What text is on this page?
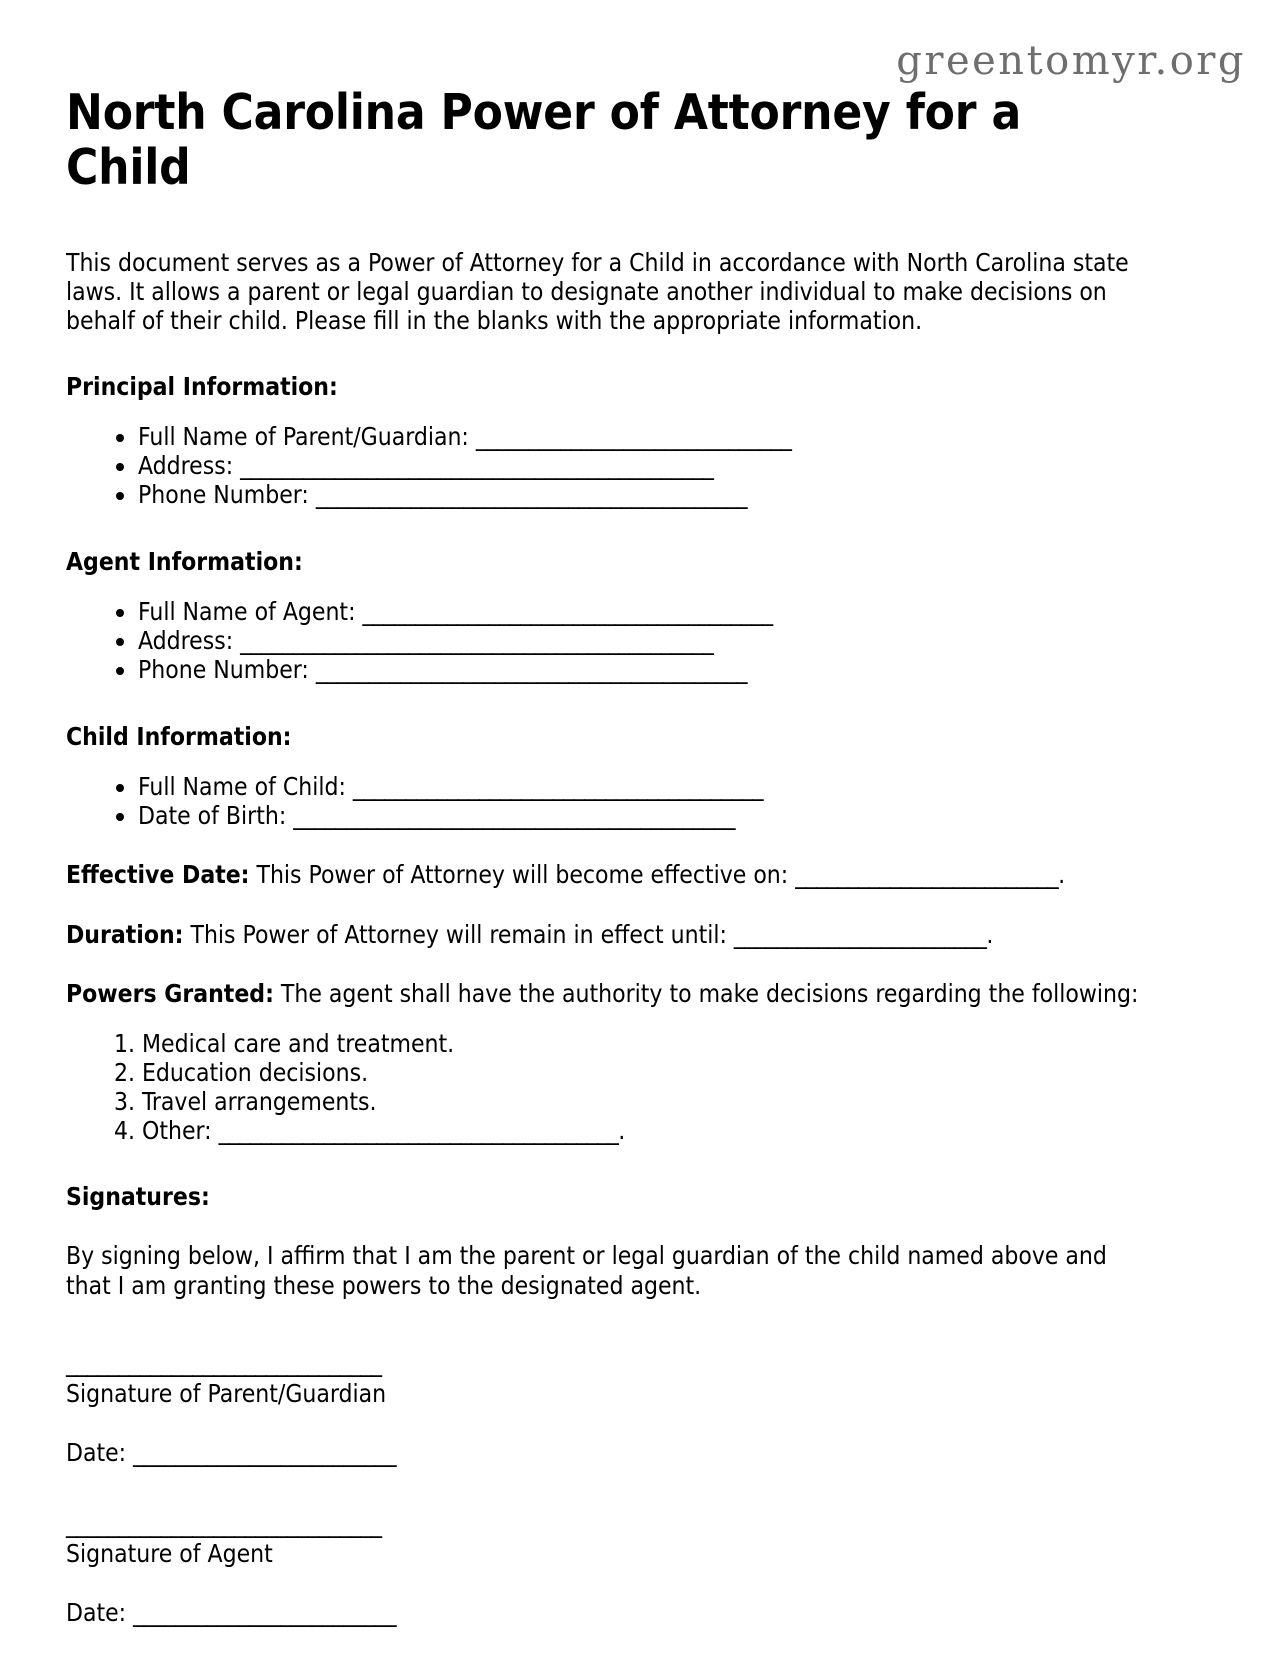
greentomyr.org
North Carolina Power of Attorney for a Child

This document serves as a Power of Attorney for a Child in accordance with North Carolina state laws. It allows a parent or legal guardian to designate another individual to make decisions on behalf of their child. Please fill in the blanks with the appropriate information.

Principal Information:
• Full Name of Parent/Guardian: ______________________________
• Address: _____________________________________________
• Phone Number: _________________________________________
Agent Information:
• Full Name of Agent: _______________________________________
• Address: _____________________________________________
• Phone Number: _________________________________________
Child Information:
• Full Name of Child: _______________________________________
• Date of Birth: __________________________________________

Effective Date: This Power of Attorney will become effective on: _________________________.

Duration: This Power of Attorney will remain in effect until: ________________________.

Powers Granted: The agent shall have the authority to make decisions regarding the following:

1. Medical care and treatment.
2. Education decisions.
3. Travel arrangements.
4. Other: ______________________________________.
Signatures:

By signing below, I affirm that I am the parent or legal guardian of the child named above and that I am granting these powers to the designated agent.

______________________________
Signature of Parent/Guardian
Date: _________________________
______________________________
Signature of Agent
Date: _________________________
